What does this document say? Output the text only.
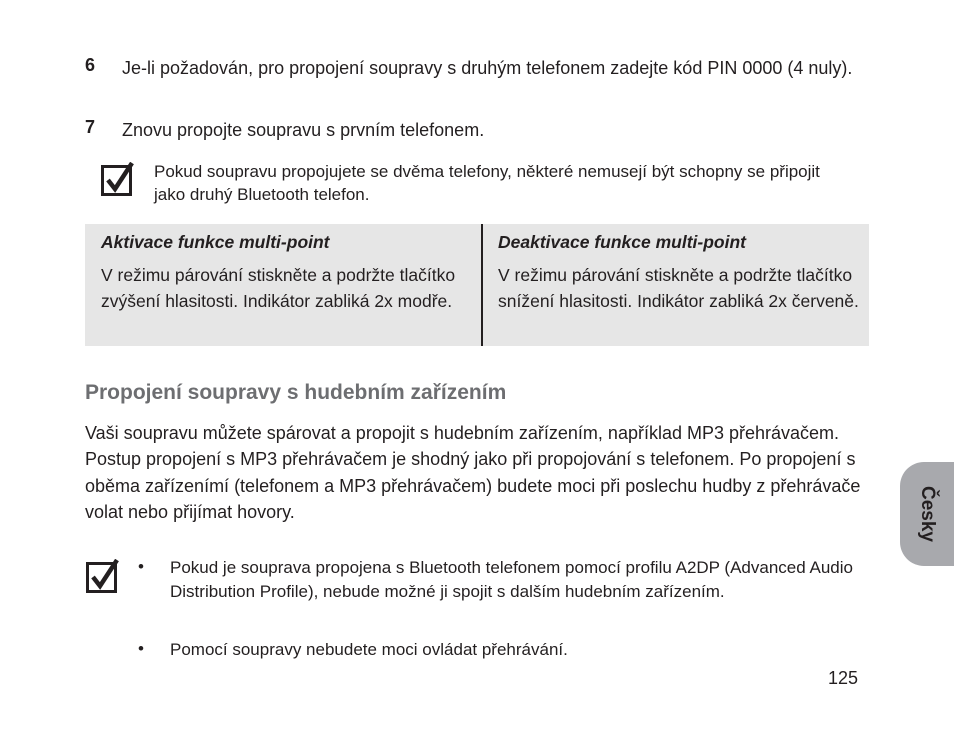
6 Je-li požadován, pro propojení soupravy s druhým telefonem zadejte kód PIN 0000 (4 nuly).
7 Znovu propojte soupravu s prvním telefonem.
Pokud soupravu propojujete se dvěma telefony, některé nemusejí být schopny se připojit jako druhý Bluetooth telefon.
Aktivace funkce multi-point

V režimu párování stiskněte a podržte tlačítko zvýšení hlasitosti. Indikátor zabliká 2x modře.

Deaktivace funkce multi-point

V režimu párování stiskněte a podržte tlačítko snížení hlasitosti. Indikátor zabliká 2x červeně.

Propojení soupravy s hudebním zařízením
Vaši soupravu můžete spárovat a propojit s hudebním zařízením, například MP3 přehrávačem. Postup propojení s MP3 přehrávačem je shodný jako při propojování s telefonem. Po propojení s oběma zařízenímí (telefonem a MP3 přehrávačem) budete moci při poslechu hudby z přehrávače volat nebo přijímat hovory.
• Pokud je souprava propojena s Bluetooth telefonem pomocí profilu A2DP (Advanced Audio Distribution Profile), nebude možné ji spojit s dalším hudebním zařízením.
• Pomocí soupravy nebudete moci ovládat přehrávání.
Česky
125
